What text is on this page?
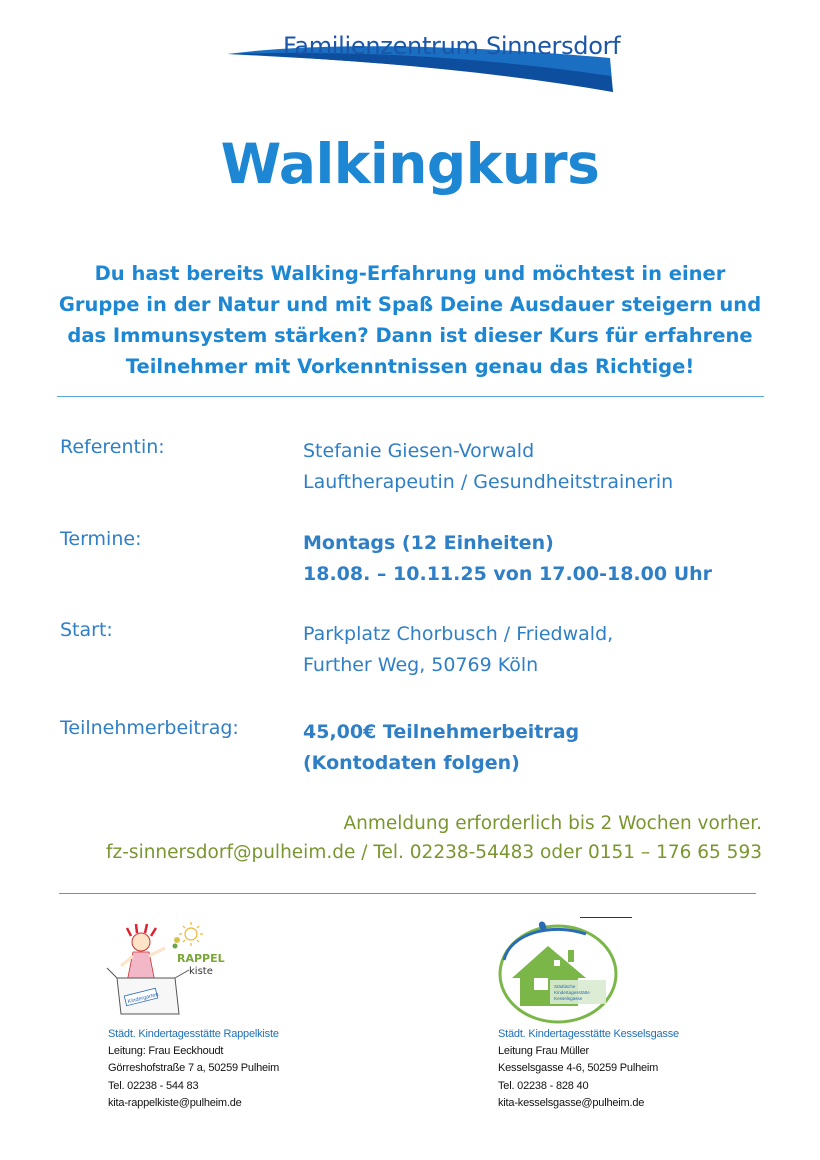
Familienzentrum Sinnersdorf
Walkingkurs
Du hast bereits Walking-Erfahrung und möchtest in einer
Gruppe in der Natur und mit Spaß Deine Ausdauer steigern und
das Immunsystem stärken? Dann ist dieser Kurs für erfahrene
Teilnehmer mit Vorkenntnissen genau das Richtige!
Referentin:	Stefanie Giesen-Vorwald
Lauftherapeutin / Gesundheitstrainerin
Termine:	Montags (12 Einheiten)
18.08. – 10.11.25 von 17.00-18.00 Uhr
Start:	Parkplatz Chorbusch / Friedwald,
Further Weg, 50769 Köln
Teilnehmerbeitrag:	45,00€ Teilnehmerbeitrag
(Kontodaten folgen)
Anmeldung erforderlich bis 2 Wochen vorher.
fz-sinnersdorf@pulheim.de / Tel. 02238-54483 oder 0151 – 176 65 593
Kindergarten
RAPPEL
kiste
Städtische
Kindertagesstätte
Kesselsgasse
Städt. Kindertagesstätte Rappelkiste
Leitung: Frau Eeckhoudt
Görreshofstraße 7 a, 50259 Pulheim
Tel. 02238 - 544 83
kita-rappelkiste@pulheim.de
Städt. Kindertagesstätte Kesselsgasse
Leitung Frau Müller
Kesselsgasse 4-6, 50259 Pulheim
Tel. 02238 - 828 40
kita-kesselsgasse@pulheim.de
